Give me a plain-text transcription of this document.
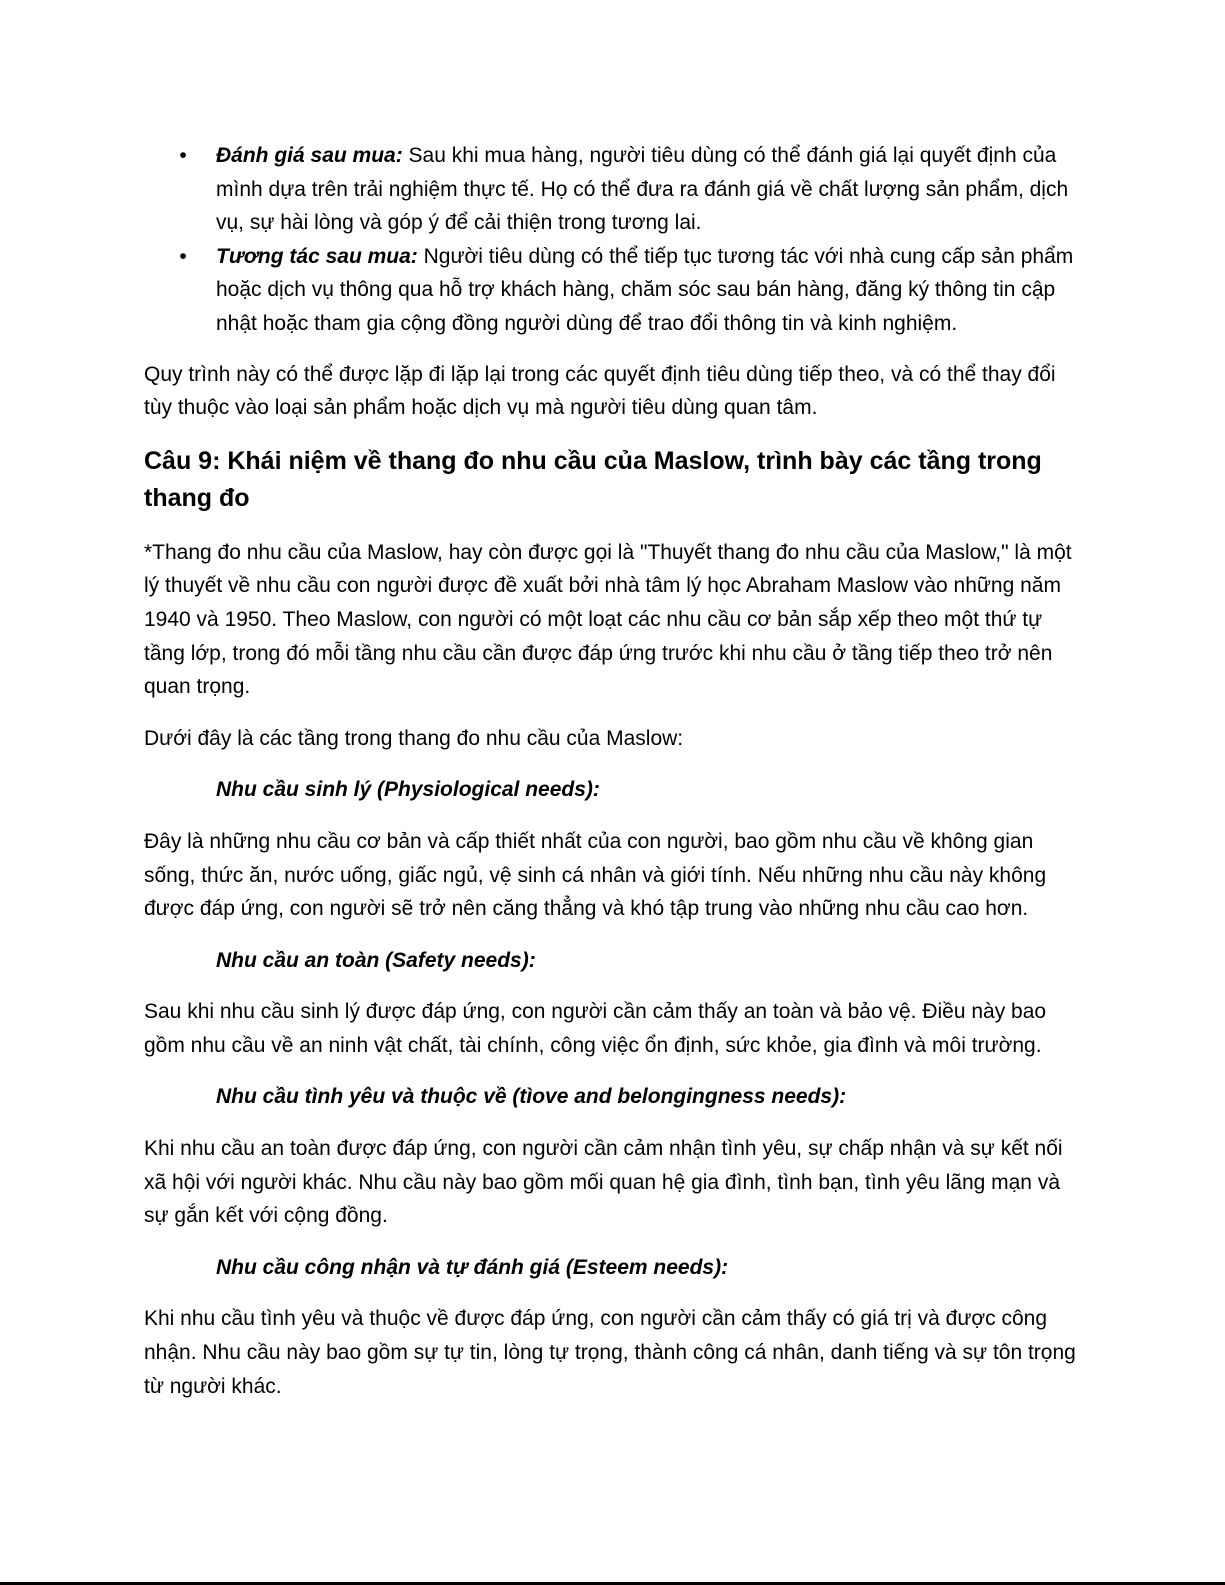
• Đánh giá sau mua: Sau khi mua hàng, người tiêu dùng có thể đánh giá lại quyết định của mình dựa trên trải nghiệm thực tế. Họ có thể đưa ra đánh giá về chất lượng sản phẩm, dịch vụ, sự hài lòng và góp ý để cải thiện trong tương lai.
• Tương tác sau mua: Người tiêu dùng có thể tiếp tục tương tác với nhà cung cấp sản phẩm hoặc dịch vụ thông qua hỗ trợ khách hàng, chăm sóc sau bán hàng, đăng ký thông tin cập nhật hoặc tham gia cộng đồng người dùng để trao đổi thông tin và kinh nghiệm.

Quy trình này có thể được lặp đi lặp lại trong các quyết định tiêu dùng tiếp theo, và có thể thay đổi tùy thuộc vào loại sản phẩm hoặc dịch vụ mà người tiêu dùng quan tâm.

Câu 9: Khái niệm về thang đo nhu cầu của Maslow, trình bày các tầng trong thang đo

*Thang đo nhu cầu của Maslow, hay còn được gọi là "Thuyết thang đo nhu cầu của Maslow," là một lý thuyết về nhu cầu con người được đề xuất bởi nhà tâm lý học Abraham Maslow vào những năm 1940 và 1950. Theo Maslow, con người có một loạt các nhu cầu cơ bản sắp xếp theo một thứ tự tầng lớp, trong đó mỗi tầng nhu cầu cần được đáp ứng trước khi nhu cầu ở tầng tiếp theo trở nên quan trọng.

Dưới đây là các tầng trong thang đo nhu cầu của Maslow:

Nhu cầu sinh lý (Physiological needs):

Đây là những nhu cầu cơ bản và cấp thiết nhất của con người, bao gồm nhu cầu về không gian sống, thức ăn, nước uống, giấc ngủ, vệ sinh cá nhân và giới tính. Nếu những nhu cầu này không được đáp ứng, con người sẽ trở nên căng thẳng và khó tập trung vào những nhu cầu cao hơn.

Nhu cầu an toàn (Safety needs):

Sau khi nhu cầu sinh lý được đáp ứng, con người cần cảm thấy an toàn và bảo vệ. Điều này bao gồm nhu cầu về an ninh vật chất, tài chính, công việc ổn định, sức khỏe, gia đình và môi trường.

Nhu cầu tình yêu và thuộc về (tìove and belongingness needs):

Khi nhu cầu an toàn được đáp ứng, con người cần cảm nhận tình yêu, sự chấp nhận và sự kết nối xã hội với người khác. Nhu cầu này bao gồm mối quan hệ gia đình, tình bạn, tình yêu lãng mạn và sự gắn kết với cộng đồng.

Nhu cầu công nhận và tự đánh giá (Esteem needs):

Khi nhu cầu tình yêu và thuộc về được đáp ứng, con người cần cảm thấy có giá trị và được công nhận. Nhu cầu này bao gồm sự tự tin, lòng tự trọng, thành công cá nhân, danh tiếng và sự tôn trọng từ người khác.
